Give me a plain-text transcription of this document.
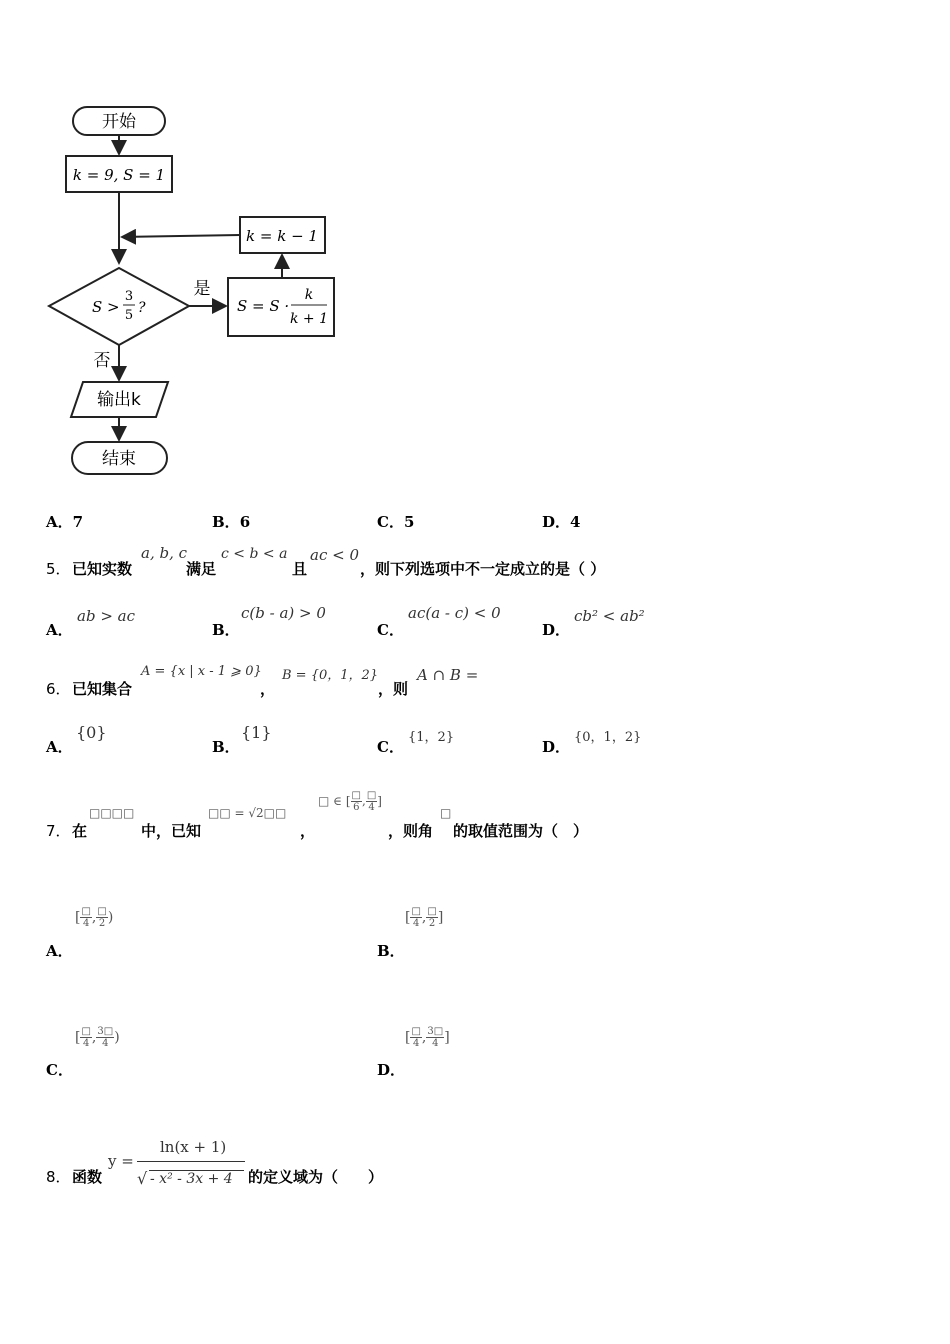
开始
k = 9, S = 1
k = k − 1
S >
3
5 ?
是
S = S ·
k
k + 1
否
输出k
结束
A．7	B．6	C．5	D．4
5． 已知实数
a, b, c
满足
c < b < a
且
ac < 0
，则下列选项中不一定成立的是（ ）
A．
ab > ac
B．
c(b - a) > 0
C．
ac(a - c) < 0
D．
cb² < ab²
6． 已知集合
A = {x | x - 1 ⩾ 0}
，
B = {0，1，2}
，则
A ∩ B =
A．
{0}
B．
{1}
C．
{1，2}
D．
{0，1，2}
7． 在
□□□□
中，已知
□□ = √2□□
，
□ ∈ [ $\frac{□}{6}$ , $\frac{□}{4}$ ]
，则角
□
的取值范围为（　）
[ $\frac{□}{4}$ , $\frac{□}{2}$ )
A．
[ $\frac{□}{4}$ , $\frac{□}{2}$ ]
B．
[ $\frac{□}{4}$ , $\frac{3□}{4}$ )
C．
[ $\frac{□}{4}$ , $\frac{3□}{4}$ ]
D．
8． 函数
y =
ln(x + 1)
√ - x² - 3x + 4 的定义域为（　　）
